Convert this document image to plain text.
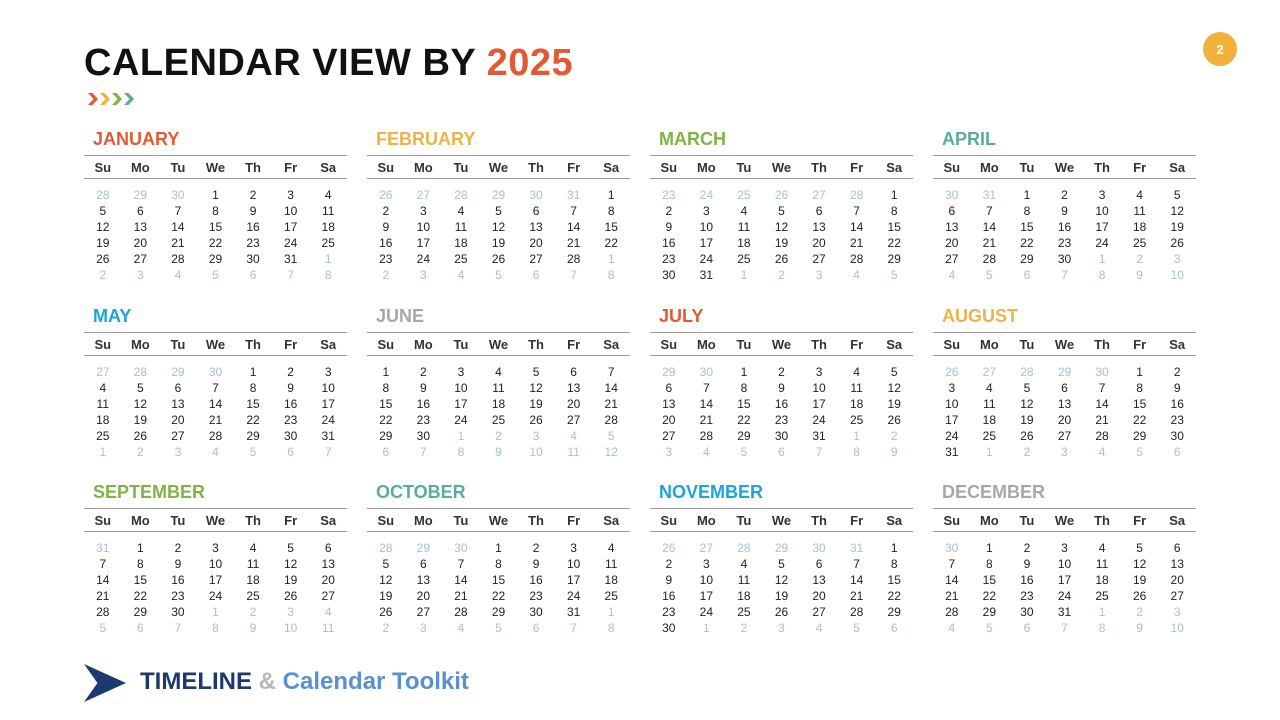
CALENDAR VIEW BY 2025	2
JANUARY
Su	Mo	Tu	We	Th	Fr	Sa
28	29	30	1	2	3	4
5	6	7	8	9	10	11
12	13	14	15	16	17	18
19	20	21	22	23	24	25
26	27	28	29	30	31	1
2	3	4	5	6	7	8
FEBRUARY
Su	Mo	Tu	We	Th	Fr	Sa
26	27	28	29	30	31	1
2	3	4	5	6	7	8
9	10	11	12	13	14	15
16	17	18	19	20	21	22
23	24	25	26	27	28	1
2	3	4	5	6	7	8
MARCH
Su	Mo	Tu	We	Th	Fr	Sa
23	24	25	26	27	28	1
2	3	4	5	6	7	8
9	10	11	12	13	14	15
16	17	18	19	20	21	22
23	24	25	26	27	28	29
30	31	1	2	3	4	5
APRIL
Su	Mo	Tu	We	Th	Fr	Sa
30	31	1	2	3	4	5
6	7	8	9	10	11	12
13	14	15	16	17	18	19
20	21	22	23	24	25	26
27	28	29	30	1	2	3
4	5	6	7	8	9	10
MAY
Su	Mo	Tu	We	Th	Fr	Sa
27	28	29	30	1	2	3
4	5	6	7	8	9	10
11	12	13	14	15	16	17
18	19	20	21	22	23	24
25	26	27	28	29	30	31
1	2	3	4	5	6	7
JUNE
Su	Mo	Tu	We	Th	Fr	Sa
1	2	3	4	5	6	7
8	9	10	11	12	13	14
15	16	17	18	19	20	21
22	23	24	25	26	27	28
29	30	1	2	3	4	5
6	7	8	9	10	11	12
JULY
Su	Mo	Tu	We	Th	Fr	Sa
29	30	1	2	3	4	5
6	7	8	9	10	11	12
13	14	15	16	17	18	19
20	21	22	23	24	25	26
27	28	29	30	31	1	2
3	4	5	6	7	8	9
AUGUST
Su	Mo	Tu	We	Th	Fr	Sa
26	27	28	29	30	1	2
3	4	5	6	7	8	9
10	11	12	13	14	15	16
17	18	19	20	21	22	23
24	25	26	27	28	29	30
31	1	2	3	4	5	6
SEPTEMBER
Su	Mo	Tu	We	Th	Fr	Sa
31	1	2	3	4	5	6
7	8	9	10	11	12	13
14	15	16	17	18	19	20
21	22	23	24	25	26	27
28	29	30	1	2	3	4
5	6	7	8	9	10	11
OCTOBER
Su	Mo	Tu	We	Th	Fr	Sa
28	29	30	1	2	3	4
5	6	7	8	9	10	11
12	13	14	15	16	17	18
19	20	21	22	23	24	25
26	27	28	29	30	31	1
2	3	4	5	6	7	8
NOVEMBER
Su	Mo	Tu	We	Th	Fr	Sa
26	27	28	29	30	31	1
2	3	4	5	6	7	8
9	10	11	12	13	14	15
16	17	18	19	20	21	22
23	24	25	26	27	28	29
30	1	2	3	4	5	6
DECEMBER
Su	Mo	Tu	We	Th	Fr	Sa
30	1	2	3	4	5	6
7	8	9	10	11	12	13
14	15	16	17	18	19	20
21	22	23	24	25	26	27
28	29	30	31	1	2	3
4	5	6	7	8	9	10
TIMELINE & Calendar Toolkit
